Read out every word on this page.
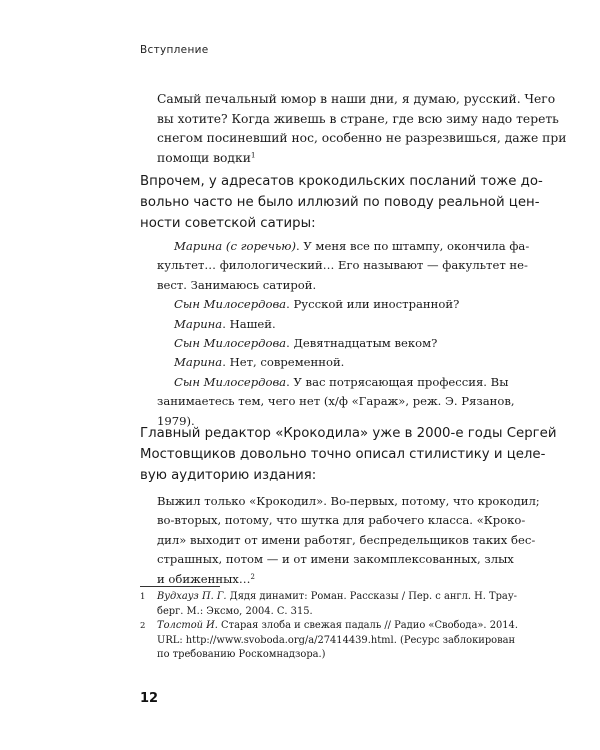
Вступление
Самый печальный юмор в наши дни, я думаю, русский. Чего
вы хотите? Когда живешь в стране, где всю зиму надо тереть
снегом посиневший нос, особенно не разрезвишься, даже при
помощи водки$^1$
Впрочем, у адресатов крокодильских посланий тоже до-
вольно часто не было иллюзий по поводу реальной цен-
ности советской сатиры:
Марина (с горечью). У меня все по штампу, окончила фа-
культет… филологический… Его называют — факультет не-
вест. Занимаюсь сатирой.
Сын Милосердова. Русской или иностранной?
Марина. Нашей.
Сын Милосердова. Девятнадцатым веком?
Марина. Нет, современной.
Сын Милосердова. У вас потрясающая профессия. Вы
занимаетесь тем, чего нет (х/ф «Гараж», реж. Э. Рязанов,
1979).
Главный редактор «Крокодила» уже в 2000-е годы Сергей
Мостовщиков довольно точно описал стилистику и целе-
вую аудиторию издания:
Выжил только «Крокодил». Во-первых, потому, что крокодил;
во-вторых, потому, что шутка для рабочего класса. «Кроко-
дил» выходит от имени работяг, беспредельщиков таких бес-
страшных, потом — и от имени закомплексованных, злых
и обиженных…$^2$
1 Вудхауз П. Г. Дядя динамит: Роман. Рассказы / Пер. с англ. Н. Трау-
берг. М.: Эксмо, 2004. С. 315.
2 Толстой И. Старая злоба и свежая падаль // Радио «Свобода». 2014.
URL: http://www.svoboda.org/a/27414439.html. (Ресурс заблокирован
по требованию Роскомнадзора.)
12
